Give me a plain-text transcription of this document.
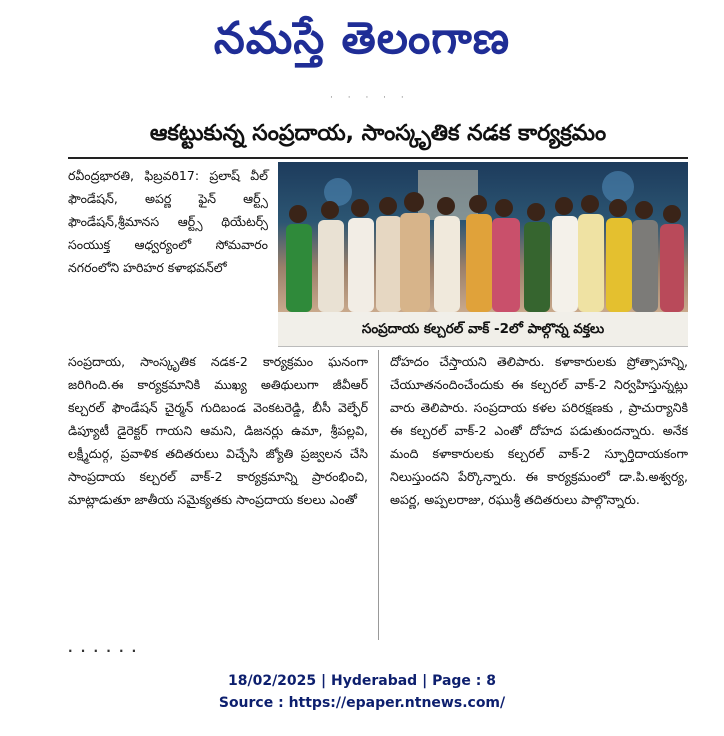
నమస్తే తెలంగాణ
· · · · ·
ఆకట్టుకున్న సంప్రదాయ, సాంస్కృతిక నడక కార్యక్రమం
రవీంద్రభారతి, ఫిబ్రవరి17: ప్రలాష్ వీల్ ఫౌండేషన్, అపర్ణ ఫైన్ ఆర్ట్స్ ఫౌండేషన్,శ్రీమానస ఆర్ట్స్ థియేటర్స్ సంయుక్త ఆధ్వర్యంలో సోమవారం నగరంలోని హరిహర కళాభవన్‌లో
సంప్రదాయ కల్చరల్ వాక్ -2లో పాల్గొన్న వక్తలు
సంప్రదాయ, సాంస్కృతిక నడక-2 కార్యక్రమం ఘనంగా జరిగింది.ఈ కార్యక్రమానికి ముఖ్య అతిథులుగా జీవీఆర్ కల్చరల్ ఫౌండేషన్ చైర్మన్ గుదిబండ వెంకటరెడ్డి, బీసీ వెల్ఫేర్ డిప్యూటీ డైరెక్టర్ గాయని ఆమని, డిజనర్లు ఉమా, శ్రీపల్లవి, లక్ష్మీదుర్గ, ప్రవాళిక తదితరులు విచ్చేసి జ్యోతి ప్రజ్వలన చేసి సాంప్రదాయ కల్చరల్ వాక్-2 కార్యక్రమాన్ని ప్రారంభించి, మాట్లాడుతూ జాతీయ సమైక్యతకు సాంప్రదాయ కలలు ఎంతో
దోహదం చేస్తాయని తెలిపారు. కళాకారులకు ప్రోత్సాహన్ని, చేయూతనందించేందుకు ఈ కల్చరల్ వాక్-2 నిర్వహిస్తున్నట్లు వారు తెలిపారు. సంప్రదాయ కళల పరిరక్షణకు , ప్రాచుర్యానికి ఈ కల్చరల్ వాక్-2 ఎంతో దోహద పడుతుందన్నారు. అనేక మంది కళాకారులకు కల్చరల్ వాక్-2 స్ఫూర్తిదాయకంగా నిలుస్తుందని పేర్కొన్నారు. ఈ కార్యక్రమంలో డా.పి.అశ్వర్య, అపర్ణ, అప్పలరాజు, రఘుశ్రీ తదితరులు పాల్గొన్నారు.
· · · · · ·
18/02/2025 | Hyderabad | Page : 8
Source : https://epaper.ntnews.com/
